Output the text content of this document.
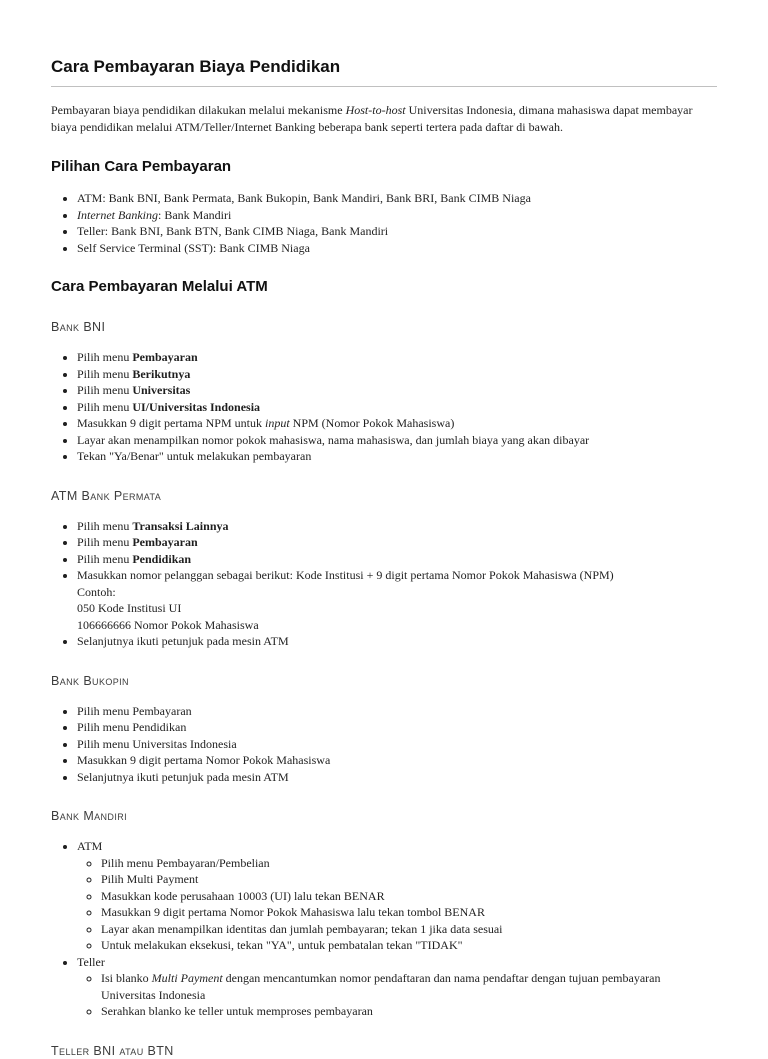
Cara Pembayaran Biaya Pendidikan

Pembayaran biaya pendidikan dilakukan melalui mekanisme Host-to-host Universitas Indonesia, dimana mahasiswa dapat membayar biaya pendidikan melalui ATM/Teller/Internet Banking beberapa bank seperti tertera pada daftar di bawah.

Pilihan Cara Pembayaran
• ATM: Bank BNI, Bank Permata, Bank Bukopin, Bank Mandiri, Bank BRI, Bank CIMB Niaga
• Internet Banking: Bank Mandiri
• Teller: Bank BNI, Bank BTN, Bank CIMB Niaga, Bank Mandiri
• Self Service Terminal (SST): Bank CIMB Niaga
Cara Pembayaran Melalui ATM
Bank BNI
• Pilih menu Pembayaran
• Pilih menu Berikutnya
• Pilih menu Universitas
• Pilih menu UI/Universitas Indonesia
• Masukkan 9 digit pertama NPM untuk input NPM (Nomor Pokok Mahasiswa)
• Layar akan menampilkan nomor pokok mahasiswa, nama mahasiswa, dan jumlah biaya yang akan dibayar
• Tekan "Ya/Benar" untuk melakukan pembayaran
ATM Bank Permata
• Pilih menu Transaksi Lainnya
• Pilih menu Pembayaran
• Pilih menu Pendidikan
• Masukkan nomor pelanggan sebagai berikut: Kode Institusi + 9 digit pertama Nomor Pokok Mahasiswa (NPM)
Contoh:
050 Kode Institusi UI
106666666 Nomor Pokok Mahasiswa
• Selanjutnya ikuti petunjuk pada mesin ATM
Bank Bukopin
• Pilih menu Pembayaran
• Pilih menu Pendidikan
• Pilih menu Universitas Indonesia
• Masukkan 9 digit pertama Nomor Pokok Mahasiswa
• Selanjutnya ikuti petunjuk pada mesin ATM
Bank Mandiri
• ATM
◦ Pilih menu Pembayaran/Pembelian
◦ Pilih Multi Payment
◦ Masukkan kode perusahaan 10003 (UI) lalu tekan BENAR
◦ Masukkan 9 digit pertama Nomor Pokok Mahasiswa lalu tekan tombol BENAR
◦ Layar akan menampilkan identitas dan jumlah pembayaran; tekan 1 jika data sesuai
◦ Untuk melakukan eksekusi, tekan "YA", untuk pembatalan tekan "TIDAK"
• Teller
◦ Isi blanko Multi Payment dengan mencantumkan nomor pendaftaran dan nama pendaftar dengan tujuan pembayaran Universitas Indonesia
◦ Serahkan blanko ke teller untuk memproses pembayaran
Teller BNI atau BTN
